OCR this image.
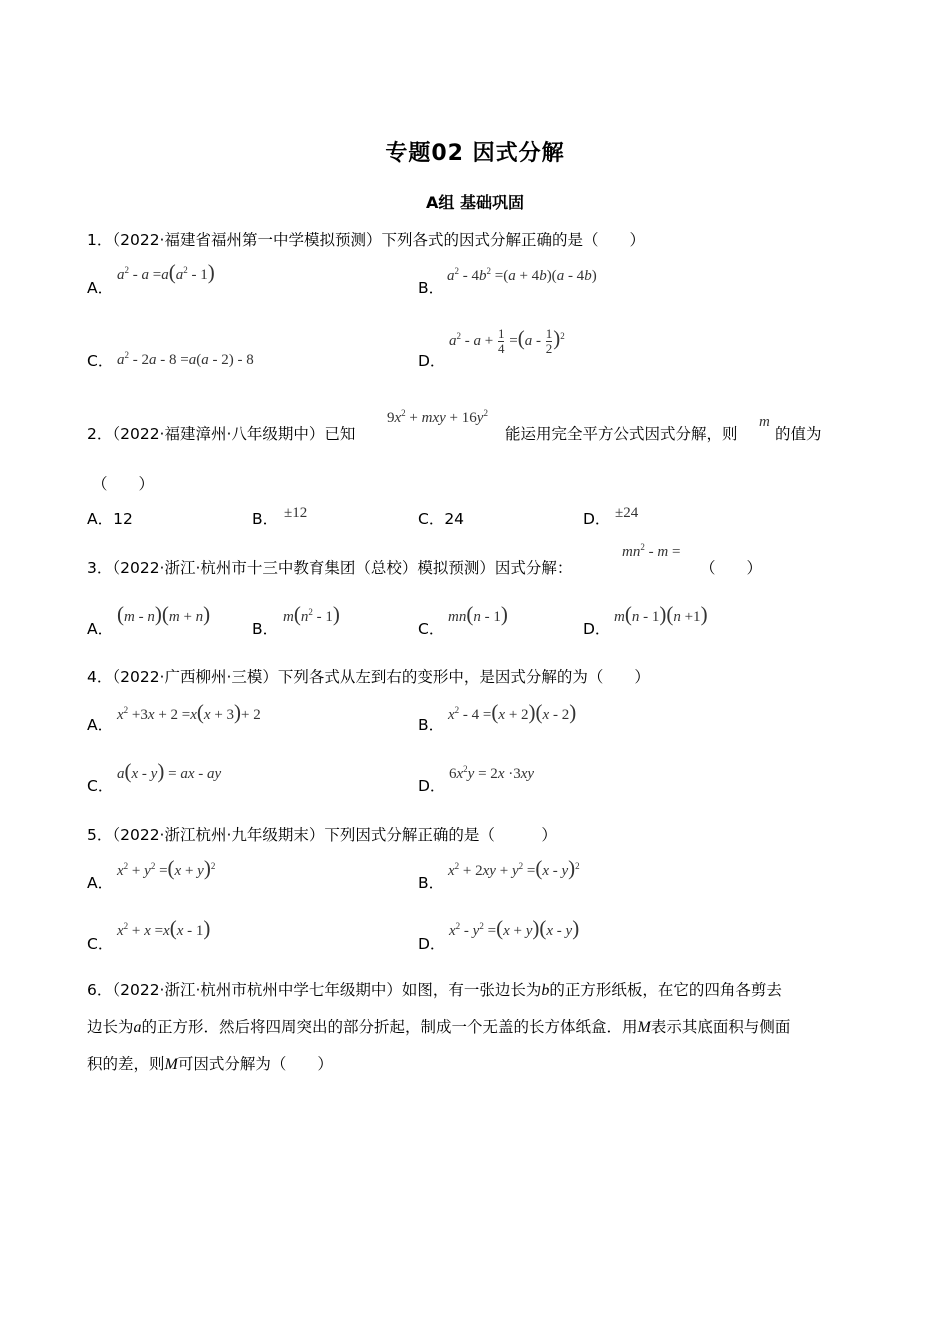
专题02 因式分解
A组 基础巩固
1．（2022·福建省福州第一中学模拟预测）下列各式的因式分解正确的是（　　）
A．
$a^2 - a =a(a^2 - 1)$
B．
$a^2 - 4b^2 =(a + 4b)(a - 4b)$
C． $a^2 - 2a - 8 =a(a - 2) - 8$	D．
$a^2 - a + \frac{1}{4} =(a - \frac{1}{2} )^2$
2．（2022·福建漳州·八年级期中）已知
$9x^2$ + mxy + $16y^2$
能运用完全平方公式因式分解，则
m
的值为
（　　）
A．12	B． ±12	C．24	D． ±24
3．（2022·浙江·杭州市十三中教育集团（总校）模拟预测）因式分解：
$mn^2$ - m =
（　　）
A．
(m - n)(m + n)
B．
$m(n^2 - 1)$
C．
mn(n - 1)
D．
m(n - 1)(n +1)
4．（2022·广西柳州·三模）下列各式从左到右的变形中，是因式分解的为（　　）
A．
$x^2 +3x + 2 =x(x + 3)+ 2$
B．
$x^2 - 4 =(x + 2)(x - 2)$
C．
a(x - y) = ax - ay
D．
$6x^2y = 2x \cdot 3xy$
5．（2022·浙江杭州·九年级期末）下列因式分解正确的是（　　　）
A．
$x^2 + y^2 =(x + y)^2$
B．
$x^2 + 2xy + y^2 =(x - y)^2$
C．
$x^2 + x =x(x - 1)$
D．
$x^2 - y^2 =(x + y)(x - y)$
6．（2022·浙江·杭州市杭州中学七年级期中）如图，有一张边长为b的正方形纸板，在它的四角各剪去
边长为a的正方形．然后将四周突出的部分折起，制成一个无盖的长方体纸盒．用M表示其底面积与侧面
积的差，则M可因式分解为（　　）
